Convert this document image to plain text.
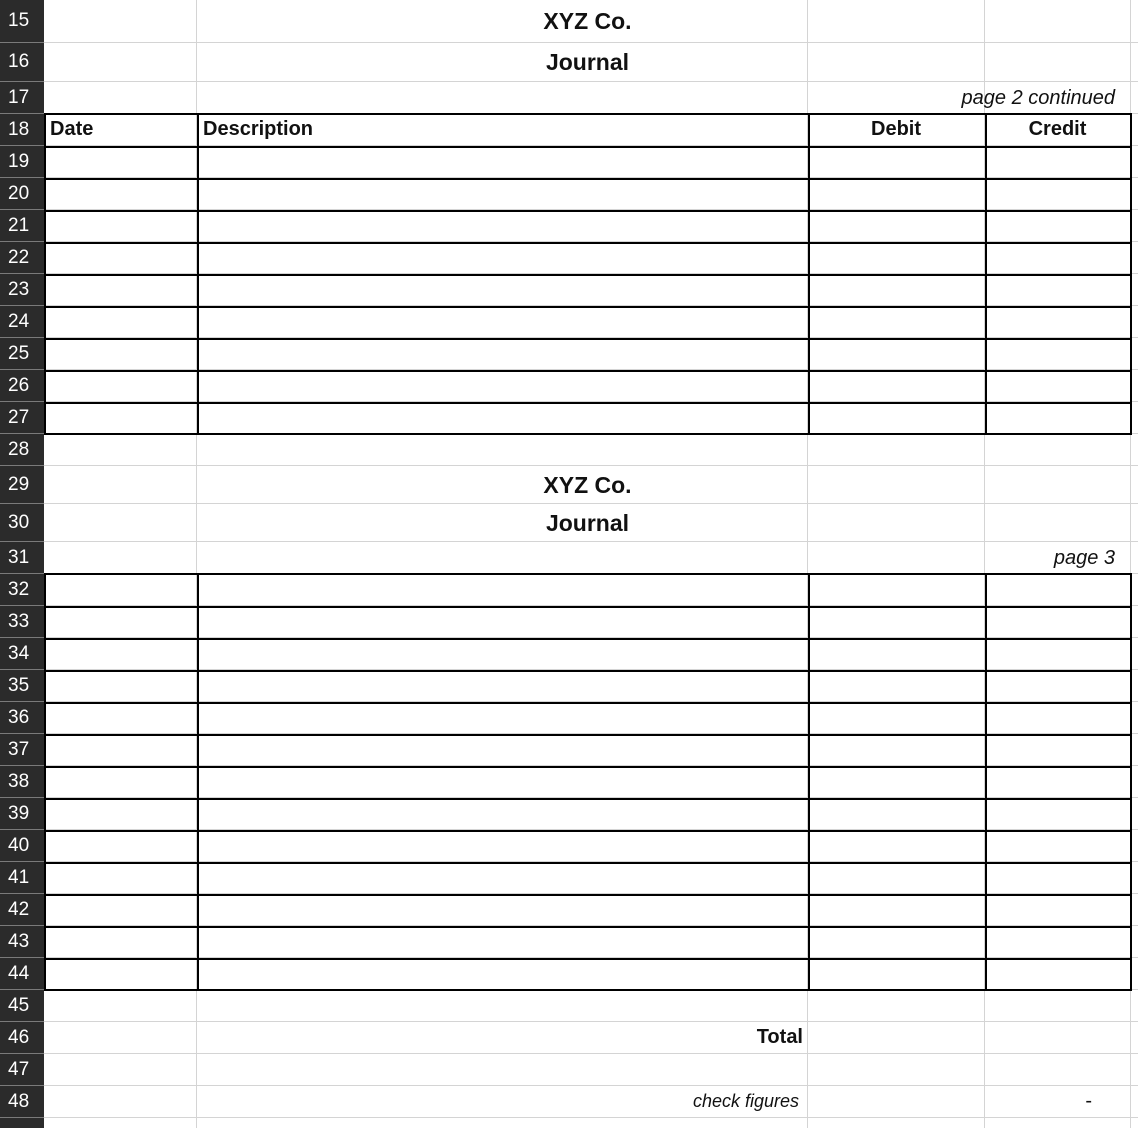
15	XYZ Co.
16	Journal
17	page 2 continued
18	Date	Description	Debit	Credit
19
20
21
22
23
24
25
26
27
28
29	XYZ Co.
30	Journal
31	page 3
32
33
34
35
36
37
38
39
40
41
42
43
44
45
46	Total
47
48	check figures	-
